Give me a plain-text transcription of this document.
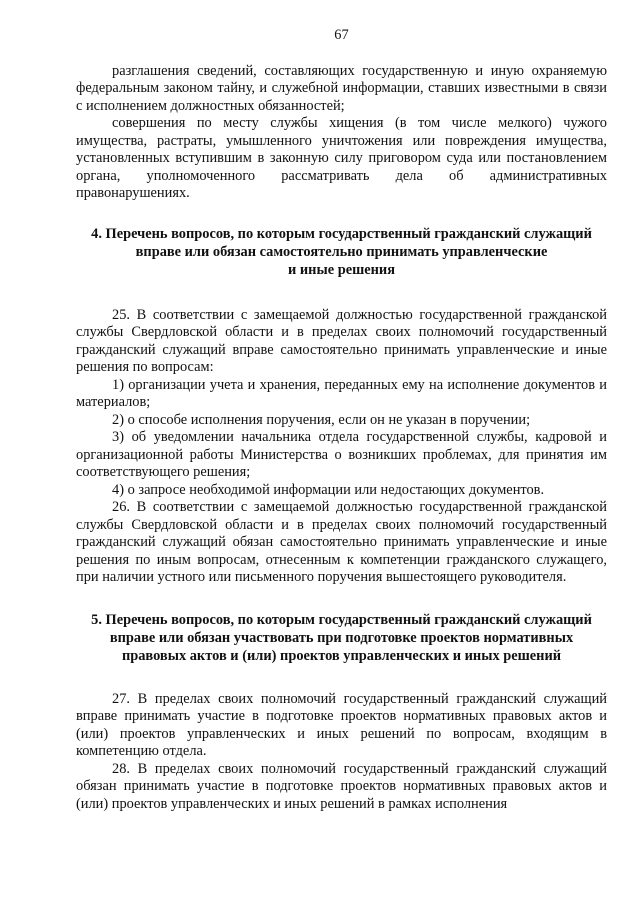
67

разглашения сведений, составляющих государственную и иную охраняемую федеральным законом тайну, и служебной информации, ставших известными в связи с исполнением должностных обязанностей;

совершения по месту службы хищения (в том числе мелкого) чужого имущества, растраты, умышленного уничтожения или повреждения имущества, установленных вступившим в законную силу приговором суда или постановлением органа, уполномоченного рассматривать дела об административных правонарушениях.

4. Перечень вопросов, по которым государственный гражданский служащий
вправе или обязан самостоятельно принимать управленческие
и иные решения

25. В соответствии с замещаемой должностью государственной гражданской службы Свердловской области и в пределах своих полномочий государственный гражданский служащий вправе самостоятельно принимать управленческие и иные решения по вопросам:

1) организации учета и хранения, переданных ему на исполнение документов и материалов;

2) о способе исполнения поручения, если он не указан в поручении;

3) об уведомлении начальника отдела государственной службы, кадровой и организационной работы Министерства о возникших проблемах, для принятия им соответствующего решения;

4) о запросе необходимой информации или недостающих документов.

26. В соответствии с замещаемой должностью государственной гражданской службы Свердловской области и в пределах своих полномочий государственный гражданский служащий обязан самостоятельно принимать управленческие и иные решения по иным вопросам, отнесенным к компетенции гражданского служащего, при наличии устного или письменного поручения вышестоящего руководителя.

5. Перечень вопросов, по которым государственный гражданский служащий
вправе или обязан участвовать при подготовке проектов нормативных
правовых актов и (или) проектов управленческих и иных решений

27. В пределах своих полномочий государственный гражданский служащий вправе принимать участие в подготовке проектов нормативных правовых актов и (или) проектов управленческих и иных решений по вопросам, входящим в компетенцию отдела.

28. В пределах своих полномочий государственный гражданский служащий обязан принимать участие в подготовке проектов нормативных правовых актов и (или) проектов управленческих и иных решений в рамках исполнения
